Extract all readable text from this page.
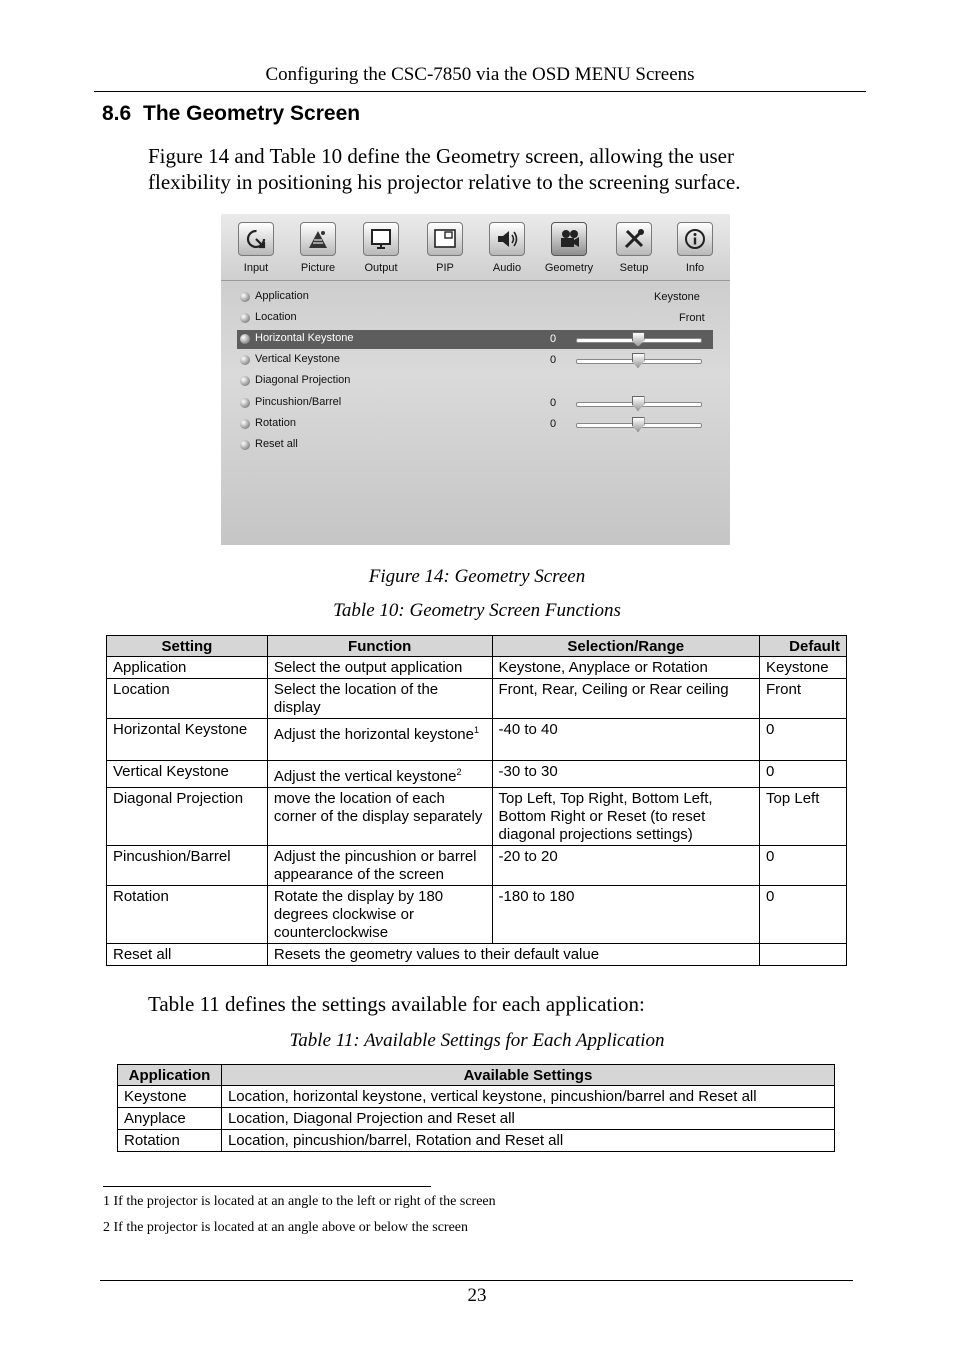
Configuring the CSC-7850 via the OSD MENU Screens
8.6 The Geometry Screen
Figure 14 and Table 10 define the Geometry screen, allowing the user
flexibility in positioning his projector relative to the screening surface.
Input	Picture	Output	PIP	Audio	Geometry	Setup	Info
Application	Keystone
Location	Front
Horizontal Keystone	0
Vertical Keystone	0
Diagonal Projection
Pincushion/Barrel	0
Rotation	0
Reset all
Figure 14: Geometry Screen
Table 10: Geometry Screen Functions
Setting	Function	Selection/Range	Default
Application	Select the output application	Keystone, Anyplace or Rotation	Keystone
Location	Select the location of the display	Front, Rear, Ceiling or Rear ceiling	Front
Horizontal Keystone	Adjust the horizontal keystone$^1$	-40 to 40	0
Vertical Keystone	Adjust the vertical keystone$^2$	-30 to 30	0
Diagonal Projection	move the location of each corner of the display separately	Top Left, Top Right, Bottom Left, Bottom Right or Reset (to reset diagonal projections settings)	Top Left
Pincushion/Barrel	Adjust the pincushion or barrel appearance of the screen	-20 to 20	0
Rotation	Rotate the display by 180 degrees clockwise or counterclockwise	-180 to 180	0
Reset all	Resets the geometry values to their default value		
Table 11 defines the settings available for each application:
Table 11: Available Settings for Each Application
Application	Available Settings
Keystone	Location, horizontal keystone, vertical keystone, pincushion/barrel and Reset all
Anyplace	Location, Diagonal Projection and Reset all
Rotation	Location, pincushion/barrel, Rotation and Reset all
1 If the projector is located at an angle to the left or right of the screen
2 If the projector is located at an angle above or below the screen
23
